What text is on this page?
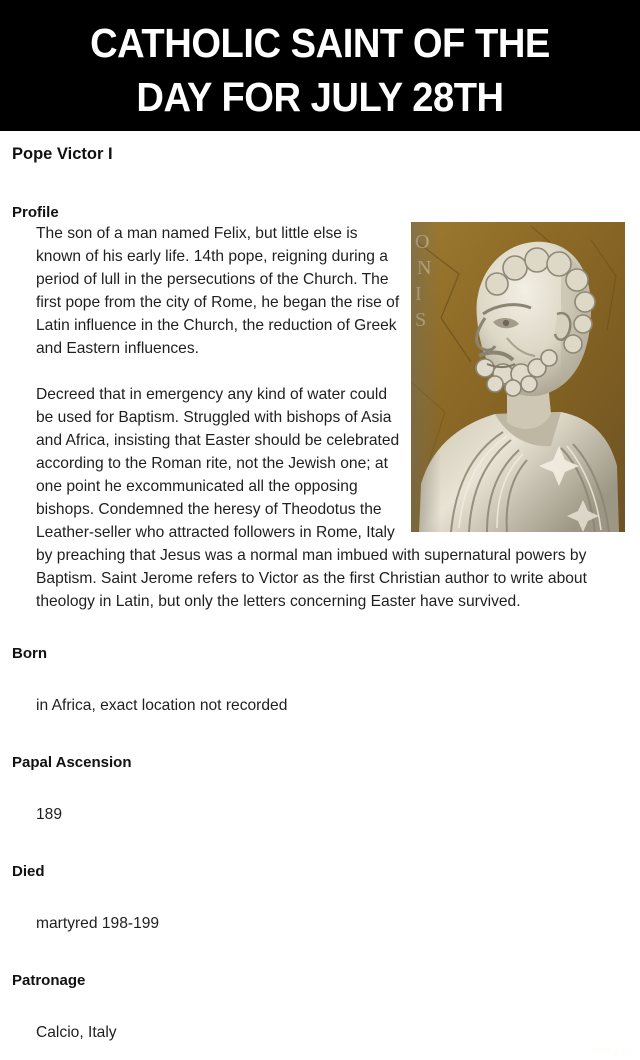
CATHOLIC SAINT OF THE
DAY FOR JULY 28TH
Pope Victor I
Profile

The son of a man named Felix, but little else is known of his early life. 14th pope, reigning during a period of lull in the persecutions of the Church. The first pope from the city of Rome, he began the rise of Latin influence in the Church, the reduction of Greek and Eastern influences.

Decreed that in emergency any kind of water could be used for Baptism. Struggled with bishops of Asia and Africa, insisting that Easter should be celebrated according to the Roman rite, not the Jewish one; at one point he excommunicated all the opposing bishops. Condemned the heresy of Theodotus the Leather-seller who attracted followers in Rome, Italy by preaching that Jesus was a normal man imbued with supernatural powers by Baptism. Saint Jerome refers to Victor as the first Christian author to write about theology in Latin, but only the letters concerning Easter have survived.

Born
in Africa, exact location not recorded
Papal Ascension
189
Died
martyred 198-199
Patronage
Calcio, Italy
ifunny.co
